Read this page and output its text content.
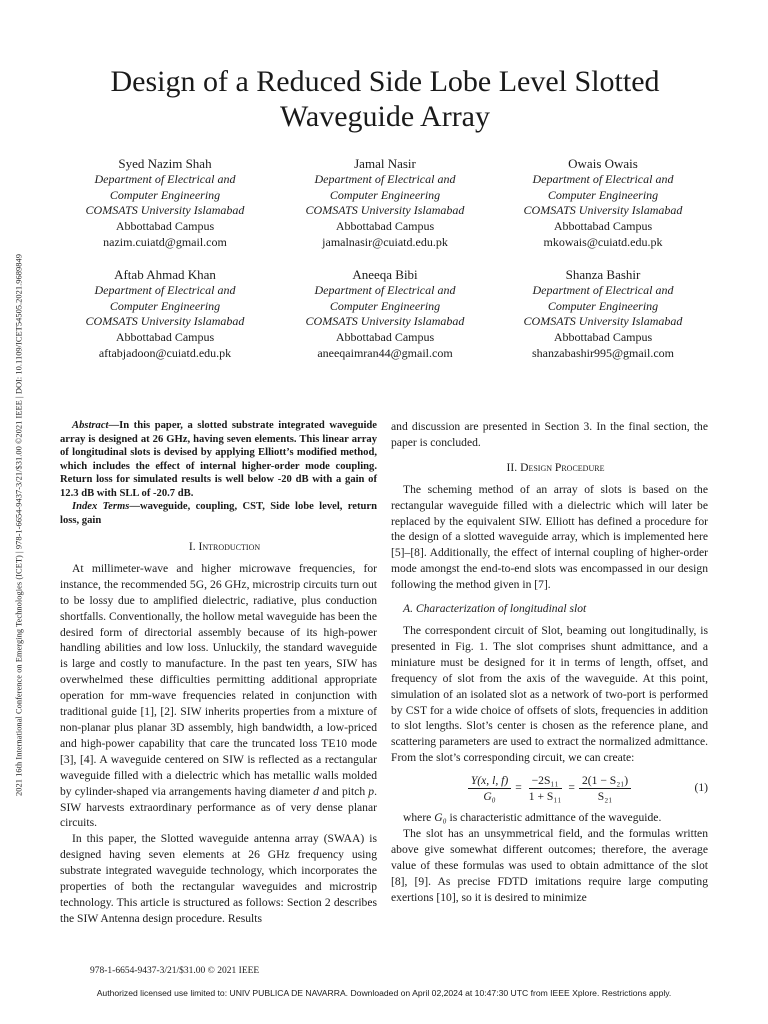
2021 16th International Conference on Emerging Technologies (ICET) | 978-1-6654-9437-3/21/$31.00 ©2021 IEEE | DOI: 10.1109/ICET54505.2021.9689849
Design of a Reduced Side Lobe Level Slotted
Waveguide Array
Syed Nazim Shah
Department of Electrical and
Computer Engineering
COMSATS University Islamabad
Abbottabad Campus
nazim.cuiatd@gmail.com
Jamal Nasir
Department of Electrical and
Computer Engineering
COMSATS University Islamabad
Abbottabad Campus
jamalnasir@cuiatd.edu.pk
Owais Owais
Department of Electrical and
Computer Engineering
COMSATS University Islamabad
Abbottabad Campus
mkowais@cuiatd.edu.pk
Aftab Ahmad Khan
Department of Electrical and
Computer Engineering
COMSATS University Islamabad
Abbottabad Campus
aftabjadoon@cuiatd.edu.pk
Aneeqa Bibi
Department of Electrical and
Computer Engineering
COMSATS University Islamabad
Abbottabad Campus
aneeqaimran44@gmail.com
Shanza Bashir
Department of Electrical and
Computer Engineering
COMSATS University Islamabad
Abbottabad Campus
shanzabashir995@gmail.com

Abstract—In this paper, a slotted substrate integrated waveguide array is designed at 26 GHz, having seven elements. This linear array of longitudinal slots is devised by applying Elliott’s modified method, which includes the effect of internal higher-order mode coupling. Return loss for simulated results is well below -20 dB with a gain of 12.3 dB with SLL of -20.7 dB.

Index Terms—waveguide, coupling, CST, Side lobe level, return loss, gain

I. Introduction

At millimeter-wave and higher microwave frequencies, for instance, the recommended 5G, 26 GHz, microstrip circuits turn out to be lossy due to amplified dielectric, radiative, plus conduction shortfalls. Conventionally, the hollow metal waveguide has been the desired form of directorial assembly because of its high-power handling abilities and low loss. Unluckily, the standard waveguide is large and costly to manufacture. In the past ten years, SIW has overwhelmed these difficulties permitting additional appropriate operation for mm-wave frequencies related in conjunction with traditional guide [1], [2]. SIW inherits properties from a mixture of non-planar plus planar 3D assembly, high bandwidth, a low-priced and high-power capability that care the truncated loss TE10 mode [3], [4]. A waveguide centered on SIW is reflected as a rectangular waveguide filled with a dielectric which has metallic walls molded by cylinder-shaped via arrangements having diameter d and pitch p. SIW harvests extraordinary performance as of very dense planar circuits.

In this paper, the Slotted waveguide antenna array (SWAA) is designed having seven elements at 26 GHz frequency using substrate integrated waveguide technology, which incorporates the properties of both the rectangular waveguides and microstrip technology. This article is structured as follows: Section 2 describes the SIW Antenna design procedure. Results

and discussion are presented in Section 3. In the final section, the paper is concluded.

II. Design Procedure

The scheming method of an array of slots is based on the rectangular waveguide filled with a dielectric which will later be replaced by the equivalent SIW. Elliott has defined a procedure for the design of a slotted waveguide array, which is implemented here [5]–[8]. Additionally, the effect of internal coupling of higher-order mode amongst the end-to-end slots was encompassed in our design following the method given in [7].

A. Characterization of longitudinal slot

The correspondent circuit of Slot, beaming out longitudinally, is presented in Fig. 1. The slot comprises shunt admittance, and a miniature must be designed for it in terms of length, offset, and frequency of slot from the axis of the waveguide. At this point, simulation of an isolated slot as a network of two-port is performed by CST for a wide choice of offsets of slots, frequencies in addition to slot lengths. Slot’s center is chosen as the reference plane, and scattering parameters are used to extract the normalized admittance. From the slot’s corresponding circuit, we can create:

$\frac{Y(x, l, f)}{\text{G₀}} = \frac{\text{−2S₁₁}}{\text{1 + S₁₁}} = \frac{\text{2(1 − S₂₁)}}{\text{S₂₁}}$	(1)

where G₀ is characteristic admittance of the waveguide.

The slot has an unsymmetrical field, and the formulas written above give somewhat different outcomes; therefore, the average value of these formulas was used to obtain admittance of the slot [8], [9]. As precise FDTD imitations require large computing exertions [10], so it is desired to minimize

978-1-6654-9437-3/21/$31.00 © 2021 IEEE
Authorized licensed use limited to: UNIV PUBLICA DE NAVARRA. Downloaded on April 02,2024 at 10:47:30 UTC from IEEE Xplore. Restrictions apply.
